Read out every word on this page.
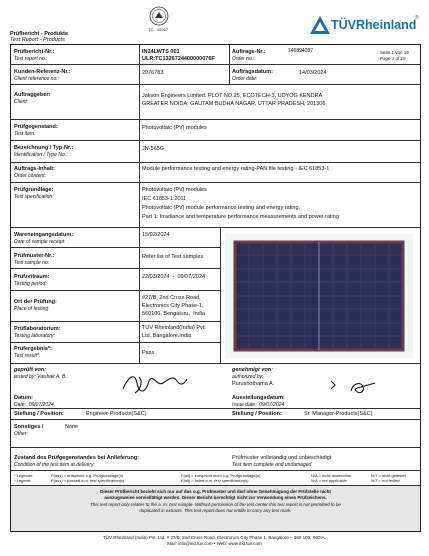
Prüfbericht - Produkte
Test Report - Products
TC - 15267	TÜVRheinland
®
Prüfbericht-Nr.:
Test report no.:
IN24LWTS 001
ULR:TC1326724400000076F
Auftrags-Nr.:
Order no.:
146894087	Seite 1 von 19
Page 1 of 19
Kunden-Referenz-Nr.:
Client reference no.:
2076783	Auftragsdatum:
Order date:
14/03/2024
Auftraggeber:
Client:
Jakson Engineers Limited. PLOT NO.25, ECOTECH-3, UDYOG KENDRA
GREATER NOIDA, GAUTAM BUDHA NAGAR, UTTAR PRADESH, 201306
Prüfgegenstand:
Test item:
Photovoltaic (PV) modules
Bezeichnung / Typ-Nr.:
Identification / Type No.:
JN-565G
Auftrags-Inhalt:
Order content:
Module performance testing and energy rating-PAN file testing - IEC 61853-1
Prüfgrundlage:
Test specification:
Photovoltaic (PV) modules
IEC 61853-1:2011
Photovoltaic (PV) module performance testing and energy rating.
Part 1: Irradiance and temperature performance measurements and power rating
Wareneingangsdatum:
Date of sample receipt:
15/02/2024
Prüfmuster-Nr.:
Test sample no:
Refer list of Test samples
Prüfzeitraum:
Testing period:
22/03/2024  -  09/07/2024
Ort der Prüfung:
Place of testing:
#27/B, 2nd Cross Road,
Electronics City Phase-1,
560100, Bengaluru,  India
Prüflaboratorium:
Testing laboratory:
TUV Rheinland(India) Pvt.
Ltd.,Bangalore,India
Prüfergebnis*:
Test result*:	Pass
geprüft von:
tested by: Vaishak A. B.
genehmigt von:
authorized by:
Purushothama A.
Datum:
Date: 09/07/2024
Ausstellungsdatum:
Issue date: 09/07/2024
Stellung / Position:	Engineer-Products(S&C)	Stellung / Position:	Sr. Manager-Products(S&C)
Sonstiges /
Other:
None
Zustand des Prüfgegenstandes bei Anlieferung:
Condition of the test item at delivery:
Prüfmuster vollständig und unbeschädigt
Test item complete and undamaged
* Legende:
* Legend:
P(ass) = entspricht o.g. Prüfgrundlage(n)
P(ass) = passed a.m. test specification(s)
F(ail) = entspricht nicht o.g. Prüfgrundlage(n)
F(ail) = failed a.m. test specification(s)
N/A = nicht anwendbar
N/A = not applicable
N/T = nicht getestet
N/T = not tested
Dieser Prüfbericht bezieht sich nur auf das o.g. Prüfmuster und darf ohne Genehmigung der Prüfstelle nicht
auszugsweise vervielfältigt werden. Dieser Bericht berechtigt nicht zur Verwendung eines Prüfzeichens.
This test report only relates to the a. m. test sample. Without permission of the test center this test report is not permitted to be
duplicated in extracts. This test report does not entitle to carry any test mark.
TÜV Rheinland (India) Pvt. Ltd. # 27/B, 2nd Cross Road, Electronics City Phase 1, Bangalore – 560 100, INDIA.
Mail: info@ind.tuv.com • Web: www.ind.tuv.com
